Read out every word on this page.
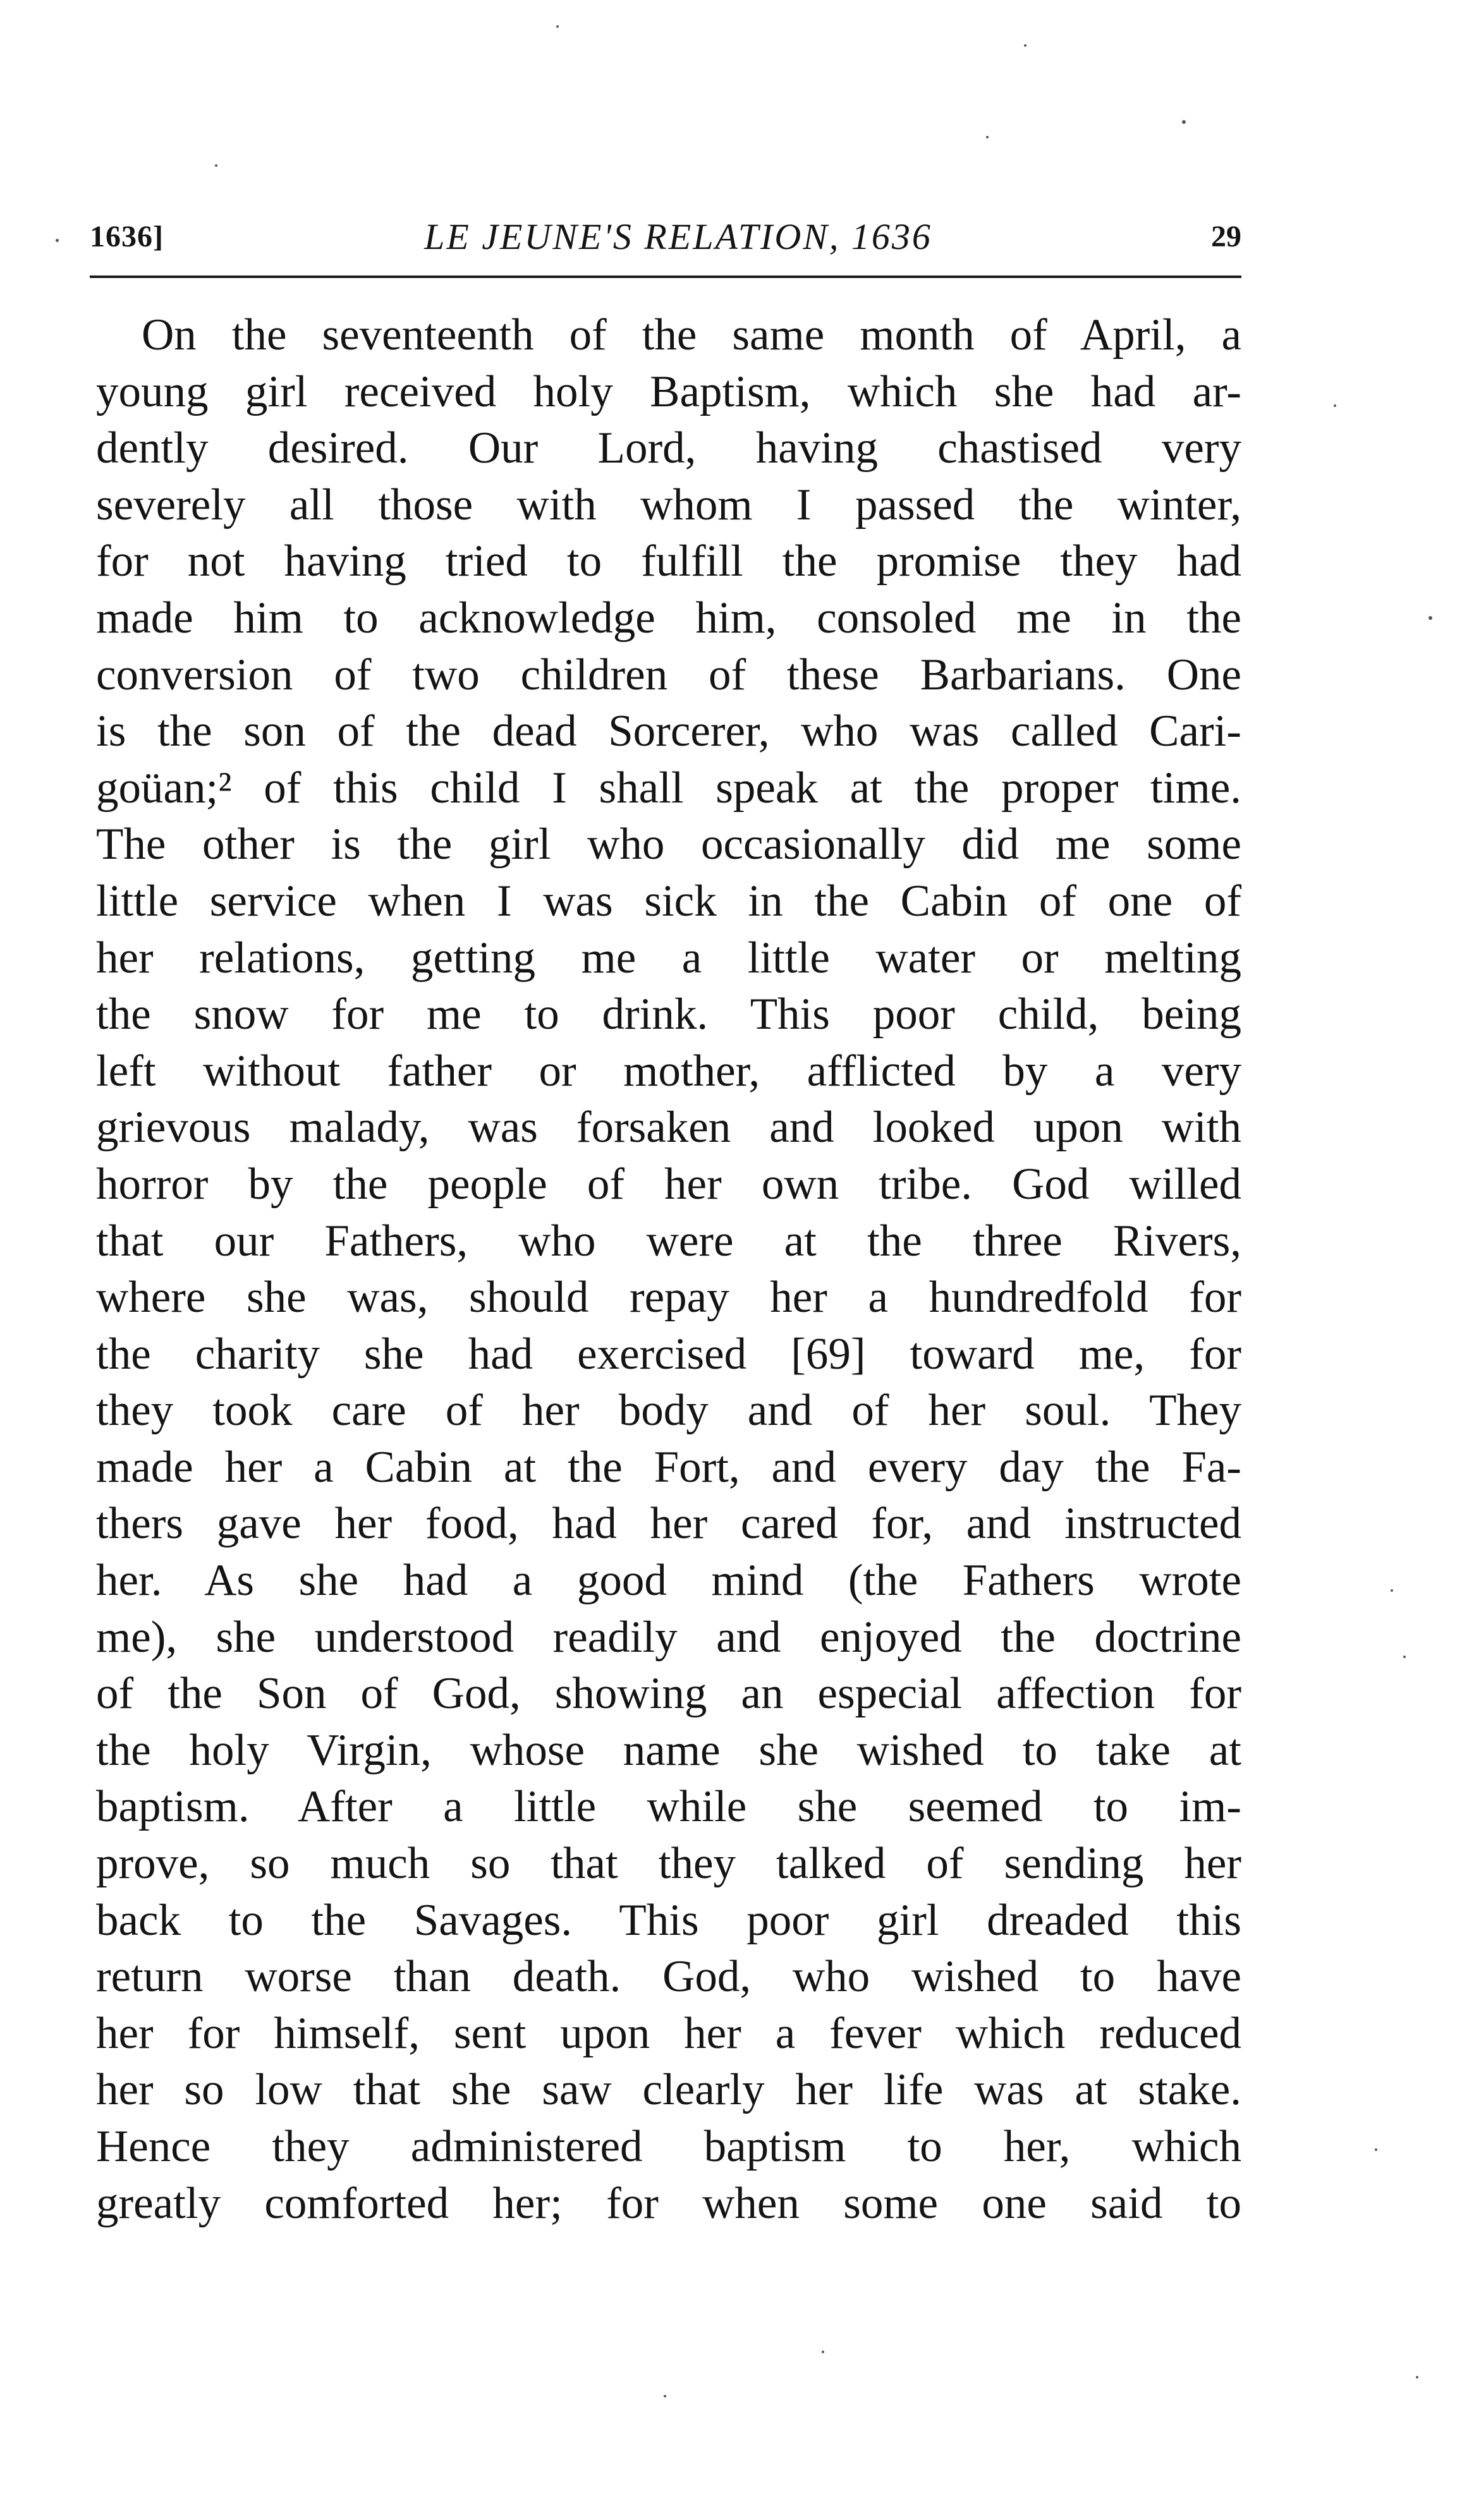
1636]	LE JEUNE'S RELATION, 1636	29
On the seventeenth of the same month of April, a
young girl received holy Baptism, which she had ar-
dently desired. Our Lord, having chastised very
severely all those with whom I passed the winter,
for not having tried to fulfill the promise they had
made him to acknowledge him, consoled me in the
conversion of two children of these Barbarians. One
is the son of the dead Sorcerer, who was called Cari-
goüan;² of this child I shall speak at the proper time.
The other is the girl who occasionally did me some
little service when I was sick in the Cabin of one of
her relations, getting me a little water or melting
the snow for me to drink. This poor child, being
left without father or mother, afflicted by a very
grievous malady, was forsaken and looked upon with
horror by the people of her own tribe. God willed
that our Fathers, who were at the three Rivers,
where she was, should repay her a hundredfold for
the charity she had exercised [69] toward me, for
they took care of her body and of her soul. They
made her a Cabin at the Fort, and every day the Fa-
thers gave her food, had her cared for, and instructed
her. As she had a good mind (the Fathers wrote
me), she understood readily and enjoyed the doctrine
of the Son of God, showing an especial affection for
the holy Virgin, whose name she wished to take at
baptism. After a little while she seemed to im-
prove, so much so that they talked of sending her
back to the Savages. This poor girl dreaded this
return worse than death. God, who wished to have
her for himself, sent upon her a fever which reduced
her so low that she saw clearly her life was at stake.
Hence they administered baptism to her, which
greatly comforted her; for when some one said to
